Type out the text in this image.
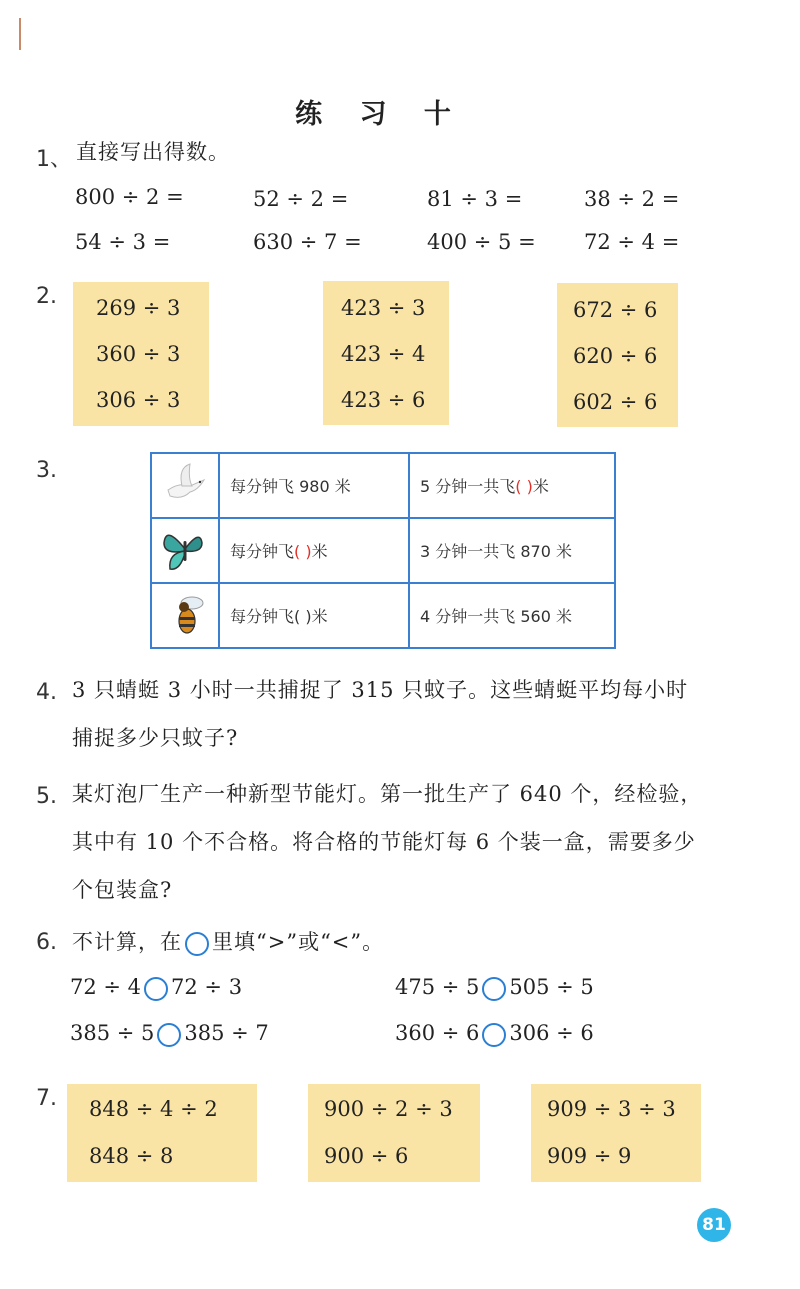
练 习 十
1、 直接写出得数。
800 ÷ 2 =	52 ÷ 2 =	81 ÷ 3 =	38 ÷ 2 =
54 ÷ 3 =	630 ÷ 7 =	400 ÷ 5 = 72 ÷ 4 =
2. 269 ÷ 3
360 ÷ 3
306 ÷ 3
423 ÷ 3
423 ÷ 4
423 ÷ 6
672 ÷ 6
620 ÷ 6
602 ÷ 6
3.
	每分钟飞 980 米	5 分钟一共飞( )米
	每分钟飞( )米	3 分钟一共飞 870 米
	每分钟飞( )米	4 分钟一共飞 560 米
4. 3 只蜻蜓 3 小时一共捕捉了 315 只蚊子。这些蜻蜓平均每小时
捕捉多少只蚊子?
5. 某灯泡厂生产一种新型节能灯。第一批生产了 640 个，经检验，
其中有 10 个不合格。将合格的节能灯每 6 个装一盒，需要多少
个包装盒?
6. 不计算，在 里填“>”或“<”。
72 ÷ 4 72 ÷ 3	475 ÷ 5 505 ÷ 5
385 ÷ 5 385 ÷ 7	360 ÷ 6 306 ÷ 6
7. 848 ÷ 4 ÷ 2
848 ÷ 8
900 ÷ 2 ÷ 3
900 ÷ 6
909 ÷ 3 ÷ 3
909 ÷ 9
81
